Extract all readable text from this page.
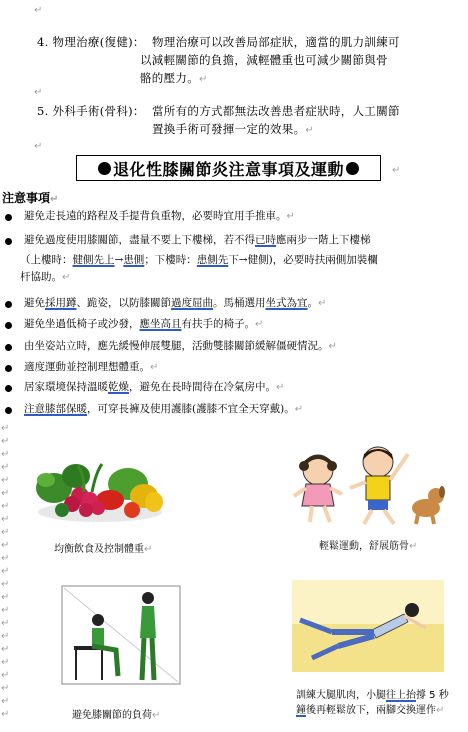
↵
4. 物理治療(復健)： 物理治療可以改善局部症狀，適當的肌力訓練可
以減輕關節的負擔，減輕體重也可減少關節與骨
骼的壓力。↵
↵
5. 外科手術(骨科)： 當所有的方式都無法改善患者症狀時，人工關節
置換手術可發揮一定的效果。↵
↵
退化性膝關節炎注意事項及運動	↵
注意事項↵
避免走長遠的路程及手提背負重物，必要時宜用手推車。↵
避免過度使用膝關節，盡量不要上下樓梯，若不得已時應兩步一階上下樓梯
（上樓時：健側先上→患側；下樓時：患側先下→健側)，必要時扶兩側加裝欄
杆協助。↵
避免採用蹲、跪姿，以防膝關節過度屈曲。馬桶選用坐式為宜。↵
避免坐過低椅子或沙發，應坐高且有扶手的椅子。↵
由坐姿站立時，應先緩慢伸展雙腿，活動雙膝關節緩解僵硬情況。↵
適度運動並控制理想體重。↵
居家環境保持溫暖乾燥，避免在長時間待在冷氣房中。↵
注意膝部保暖，可穿長褲及使用護膝(護膝不宜全天穿戴)。↵
↵
↵
↵
↵
↵
↵
↵
↵
↵
↵
↵
↵
↵
↵
↵
↵
↵
↵
↵
↵
↵
↵
↵
均衡飲食及控制體重↵	輕鬆運動，舒展筋骨↵
避免膝關節的負荷↵
訓練大腿肌肉，小腿往上抬撐 5 秒
鐘後再輕鬆放下，兩腳交換運作↵
